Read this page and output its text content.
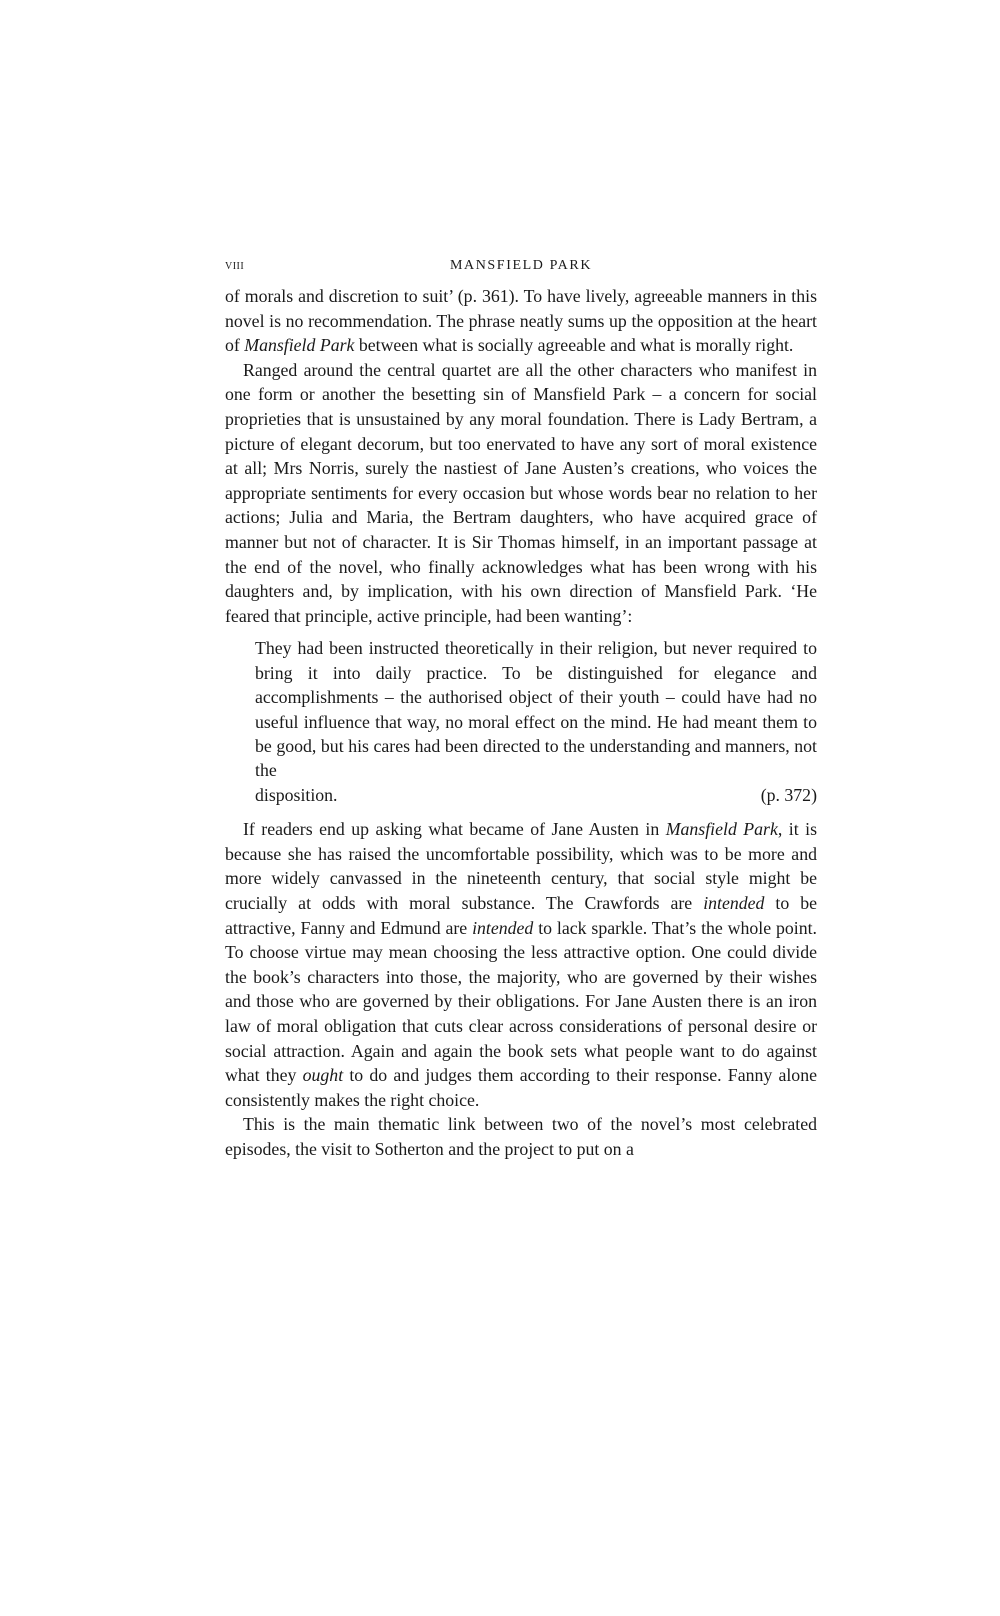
viii	MANSFIELD PARK

of morals and discretion to suit’ (p. 361). To have lively, agreeable manners in this novel is no recommendation. The phrase neatly sums up the opposition at the heart of Mansfield Park between what is socially agreeable and what is morally right.

Ranged around the central quartet are all the other characters who manifest in one form or another the besetting sin of Mansfield Park – a concern for social proprieties that is unsustained by any moral foundation. There is Lady Bertram, a picture of elegant decorum, but too enervated to have any sort of moral existence at all; Mrs Norris, surely the nastiest of Jane Austen’s creations, who voices the appropriate sentiments for every occasion but whose words bear no relation to her actions; Julia and Maria, the Bertram daughters, who have acquired grace of manner but not of character. It is Sir Thomas himself, in an important passage at the end of the novel, who finally acknowledges what has been wrong with his daughters and, by implication, with his own direction of Mansfield Park. ‘He feared that principle, active principle, had been wanting’:

They had been instructed theoretically in their religion, but never required to bring it into daily practice. To be distinguished for elegance and accomplishments – the authorised object of their youth – could have had no useful influence that way, no moral effect on the mind. He had meant them to be good, but his cares had been directed to the understanding and manners, not the
disposition.	(p. 372)

If readers end up asking what became of Jane Austen in Mansfield Park, it is because she has raised the uncomfortable possibility, which was to be more and more widely canvassed in the nineteenth century, that social style might be crucially at odds with moral substance. The Crawfords are intended to be attractive, Fanny and Edmund are intended to lack sparkle. That’s the whole point. To choose virtue may mean choosing the less attractive option. One could divide the book’s characters into those, the majority, who are governed by their wishes and those who are governed by their obligations. For Jane Austen there is an iron law of moral obligation that cuts clear across considerations of personal desire or social attraction. Again and again the book sets what people want to do against what they ought to do and judges them according to their response. Fanny alone consistently makes the right choice.

This is the main thematic link between two of the novel’s most celebrated episodes, the visit to Sotherton and the project to put on a
